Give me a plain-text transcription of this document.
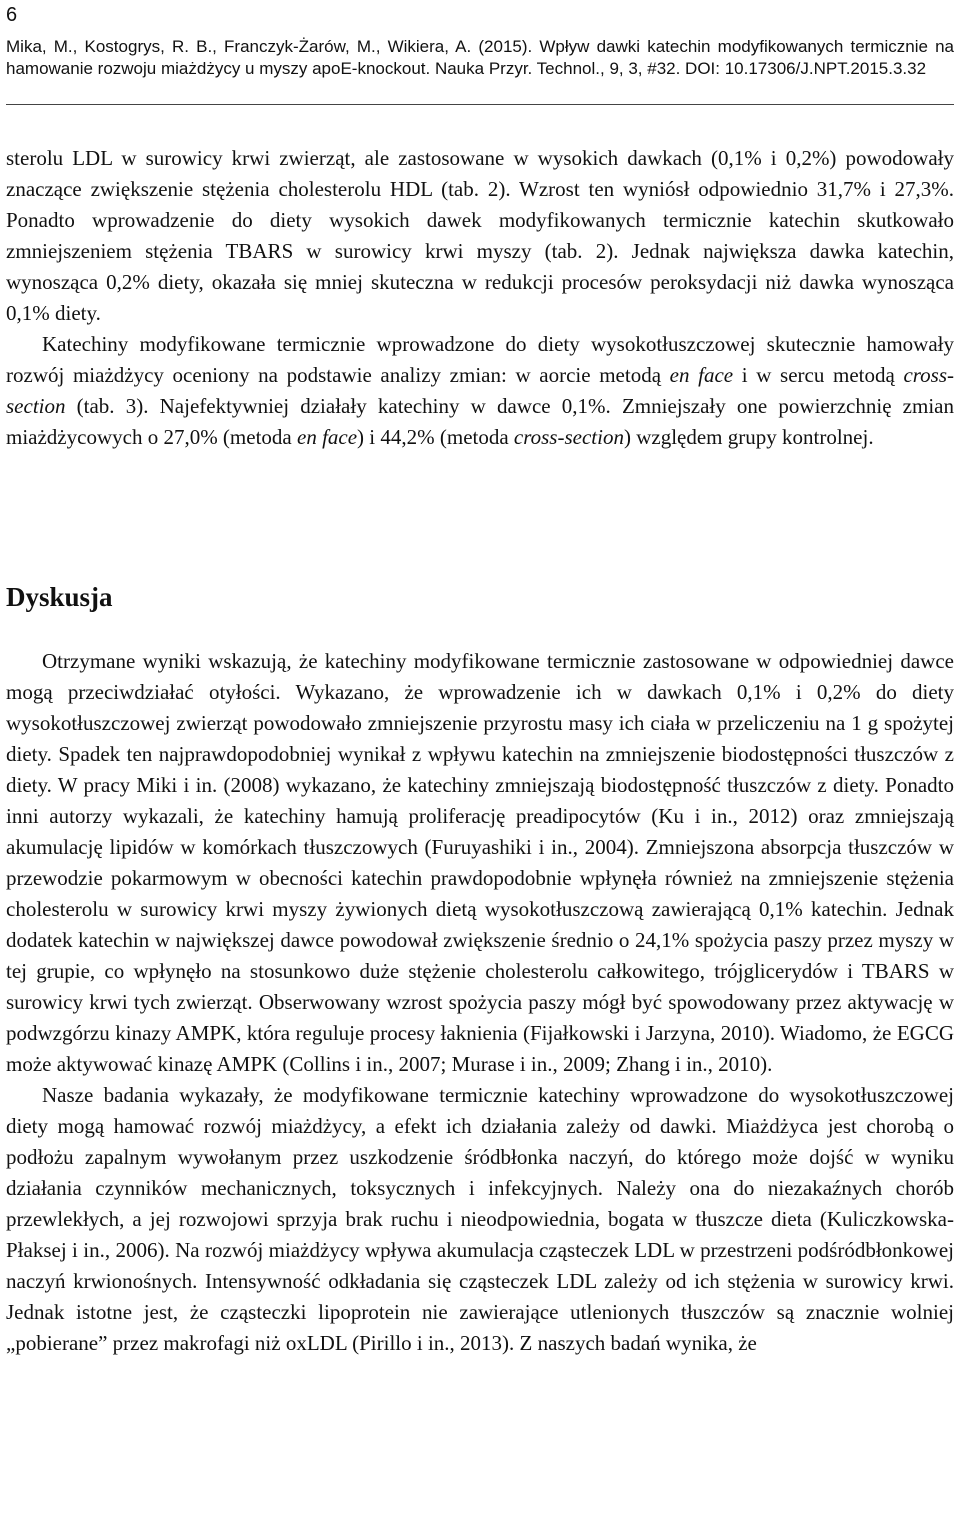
6
Mika, M., Kostogrys, R. B., Franczyk-Żarów, M., Wikiera, A. (2015). Wpływ dawki katechin modyfikowanych termicznie na hamowanie rozwoju miażdżycy u myszy apoE-knockout. Nauka Przyr. Technol., 9, 3, #32. DOI: 10.17306/J.NPT.2015.3.32

sterolu LDL w surowicy krwi zwierząt, ale zastosowane w wysokich dawkach (0,1% i 0,2%) powodowały znaczące zwiększenie stężenia cholesterolu HDL (tab. 2). Wzrost ten wyniósł odpowiednio 31,7% i 27,3%. Ponadto wprowadzenie do diety wysokich dawek modyfikowanych termicznie katechin skutkowało zmniejszeniem stężenia TBARS w surowicy krwi myszy (tab. 2). Jednak największa dawka katechin, wynosząca 0,2% diety, okazała się mniej skuteczna w redukcji procesów peroksydacji niż dawka wynosząca 0,1% diety.

Katechiny modyfikowane termicznie wprowadzone do diety wysokotłuszczowej skutecznie hamowały rozwój miażdżycy oceniony na podstawie analizy zmian: w aorcie metodą en face i w sercu metodą cross-section (tab. 3). Najefektywniej działały katechiny w dawce 0,1%. Zmniejszały one powierzchnię zmian miażdżycowych o 27,0% (metoda en face) i 44,2% (metoda cross-section) względem grupy kontrolnej.

Dyskusja

Otrzymane wyniki wskazują, że katechiny modyfikowane termicznie zastosowane w odpowiedniej dawce mogą przeciwdziałać otyłości. Wykazano, że wprowadzenie ich w dawkach 0,1% i 0,2% do diety wysokotłuszczowej zwierząt powodowało zmniejszenie przyrostu masy ich ciała w przeliczeniu na 1 g spożytej diety. Spadek ten najprawdopodobniej wynikał z wpływu katechin na zmniejszenie biodostępności tłuszczów z diety. W pracy Miki i in. (2008) wykazano, że katechiny zmniejszają biodostępność tłuszczów z diety. Ponadto inni autorzy wykazali, że katechiny hamują proliferację preadipocytów (Ku i in., 2012) oraz zmniejszają akumulację lipidów w komórkach tłuszczowych (Furuyashiki i in., 2004). Zmniejszona absorpcja tłuszczów w przewodzie pokarmowym w obecności katechin prawdopodobnie wpłynęła również na zmniejszenie stężenia cholesterolu w surowicy krwi myszy żywionych dietą wysokotłuszczową zawierającą 0,1% katechin. Jednak dodatek katechin w największej dawce powodował zwiększenie średnio o 24,1% spożycia paszy przez myszy w tej grupie, co wpłynęło na stosunkowo duże stężenie cholesterolu całkowitego, trójglicerydów i TBARS w surowicy krwi tych zwierząt. Obserwowany wzrost spożycia paszy mógł być spowodowany przez aktywację w podwzgórzu kinazy AMPK, która reguluje procesy łaknienia (Fijałkowski i Jarzyna, 2010). Wiadomo, że EGCG może aktywować kinazę AMPK (Collins i in., 2007; Murase i in., 2009; Zhang i in., 2010).

Nasze badania wykazały, że modyfikowane termicznie katechiny wprowadzone do wysokotłuszczowej diety mogą hamować rozwój miażdżycy, a efekt ich działania zależy od dawki. Miażdżyca jest chorobą o podłożu zapalnym wywołanym przez uszkodzenie śródbłonka naczyń, do którego może dojść w wyniku działania czynników mechanicznych, toksycznych i infekcyjnych. Należy ona do niezakaźnych chorób przewlekłych, a jej rozwojowi sprzyja brak ruchu i nieodpowiednia, bogata w tłuszcze dieta (Kuliczkowska-Płaksej i in., 2006). Na rozwój miażdżycy wpływa akumulacja cząsteczek LDL w przestrzeni podśródbłonkowej naczyń krwionośnych. Intensywność odkładania się cząsteczek LDL zależy od ich stężenia w surowicy krwi. Jednak istotne jest, że cząsteczki lipoprotein nie zawierające utlenionych tłuszczów są znacznie wolniej „pobierane” przez makrofagi niż oxLDL (Pirillo i in., 2013). Z naszych badań wynika, że
